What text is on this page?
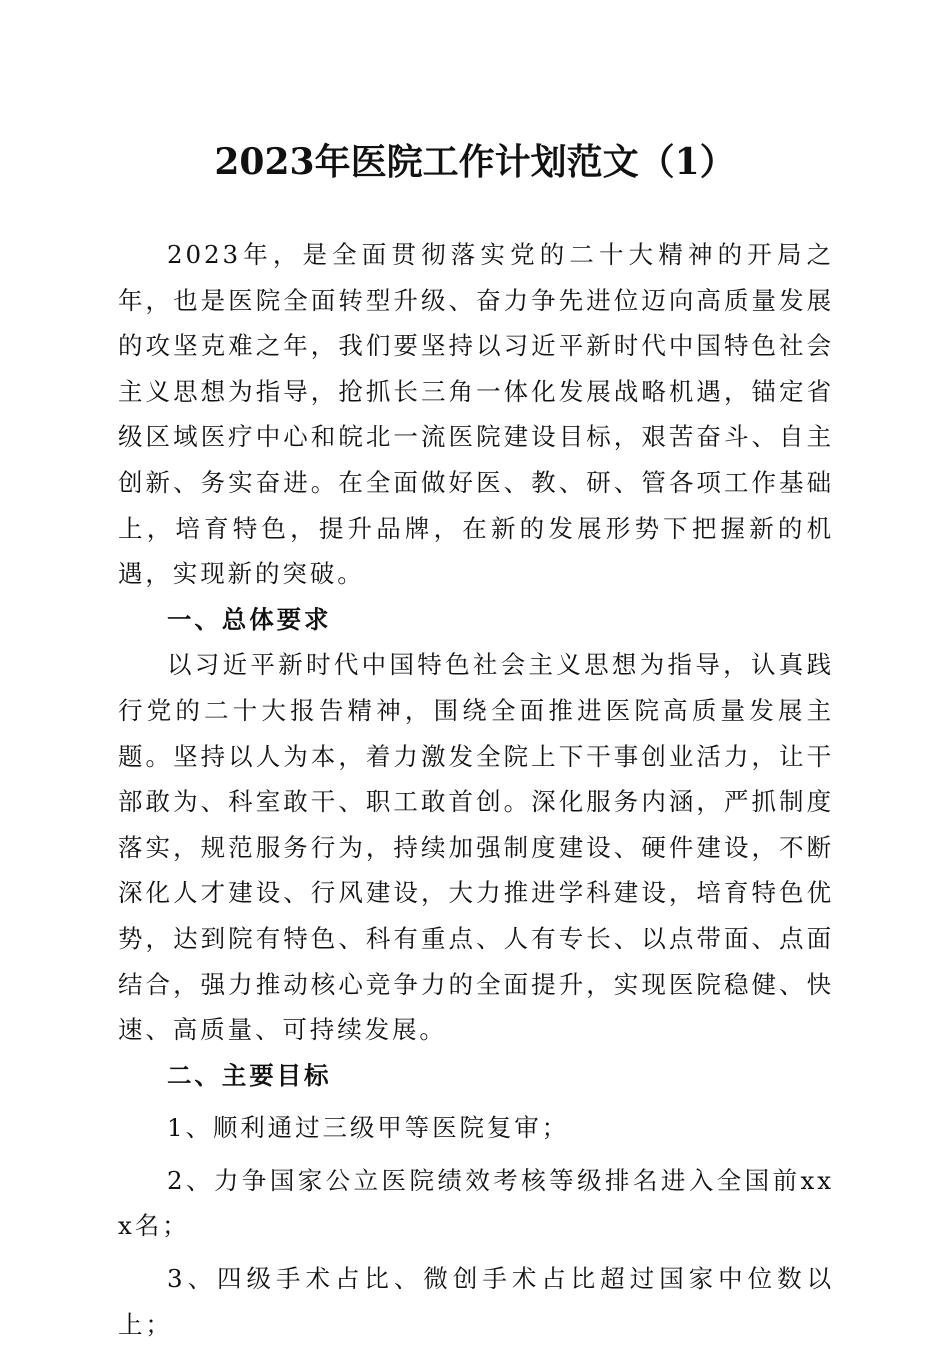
2023年医院工作计划范文（1）

2023年，是全面贯彻落实党的二十大精神的开局之年，也是医院全面转型升级、奋力争先进位迈向高质量发展的攻坚克难之年，我们要坚持以习近平新时代中国特色社会主义思想为指导，抢抓长三角一体化发展战略机遇，锚定省级区域医疗中心和皖北一流医院建设目标，艰苦奋斗、自主创新、务实奋进。在全面做好医、教、研、管各项工作基础上，培育特色，提升品牌，在新的发展形势下把握新的机遇，实现新的突破。

一、总体要求

以习近平新时代中国特色社会主义思想为指导，认真践行党的二十大报告精神，围绕全面推进医院高质量发展主题。坚持以人为本，着力激发全院上下干事创业活力，让干部敢为、科室敢干、职工敢首创。深化服务内涵，严抓制度落实，规范服务行为，持续加强制度建设、硬件建设，不断深化人才建设、行风建设，大力推进学科建设，培育特色优势，达到院有特色、科有重点、人有专长、以点带面、点面结合，强力推动核心竞争力的全面提升，实现医院稳健、快速、高质量、可持续发展。

二、主要目标

1、顺利通过三级甲等医院复审；

2、力争国家公立医院绩效考核等级排名进入全国前xxx名；

3、四级手术占比、微创手术占比超过国家中位数以上；
